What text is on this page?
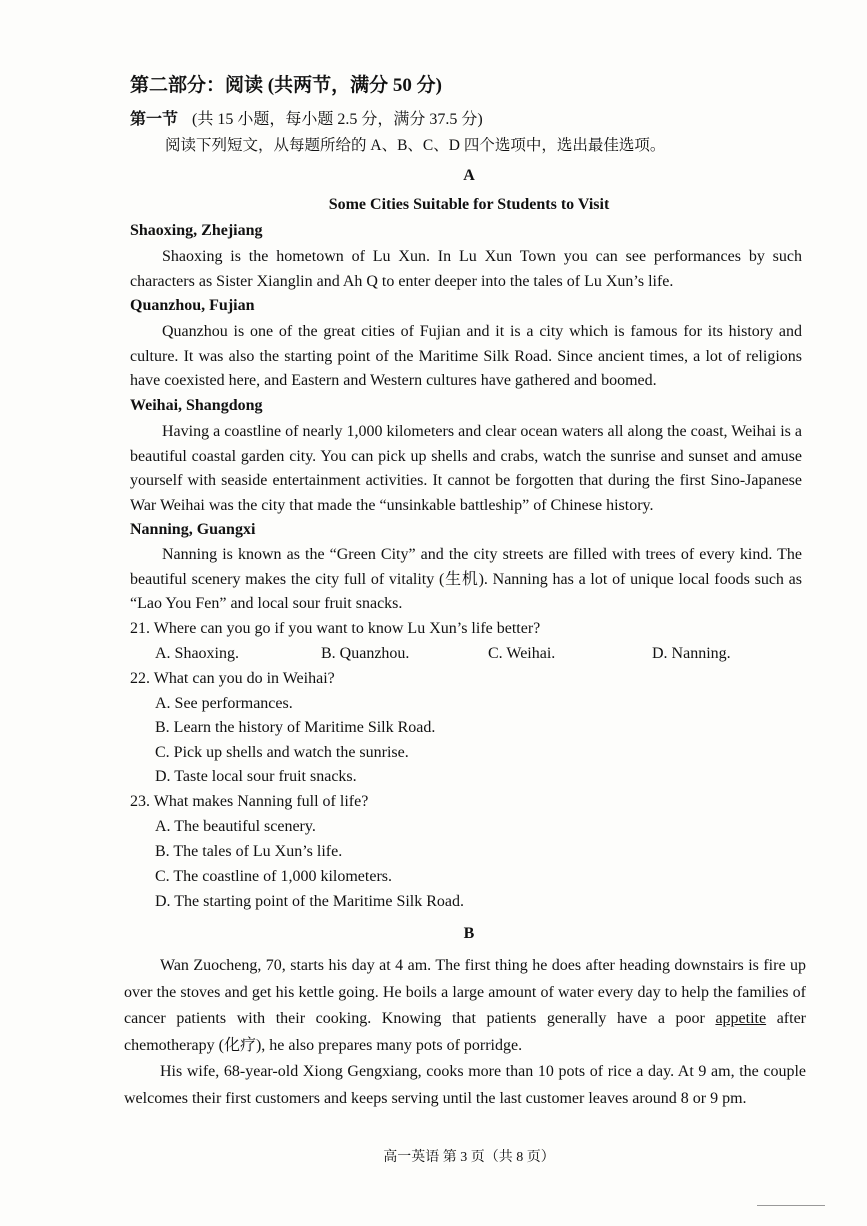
第二部分：阅读 (共两节，满分 50 分)
第一节 (共 15 小题，每小题 2.5 分，满分 37.5 分)
阅读下列短文，从每题所给的 A、B、C、D 四个选项中，选出最佳选项。
A
Some Cities Suitable for Students to Visit
Shaoxing, Zhejiang
Shaoxing is the hometown of Lu Xun. In Lu Xun Town you can see performances by such characters as Sister Xianglin and Ah Q to enter deeper into the tales of Lu Xun’s life.
Quanzhou, Fujian
Quanzhou is one of the great cities of Fujian and it is a city which is famous for its history and culture. It was also the starting point of the Maritime Silk Road. Since ancient times, a lot of religions have coexisted here, and Eastern and Western cultures have gathered and boomed.
Weihai, Shangdong
Having a coastline of nearly 1,000 kilometers and clear ocean waters all along the coast, Weihai is a beautiful coastal garden city. You can pick up shells and crabs, watch the sunrise and sunset and amuse yourself with seaside entertainment activities. It cannot be forgotten that during the first Sino-Japanese War Weihai was the city that made the “unsinkable battleship” of Chinese history.
Nanning, Guangxi
Nanning is known as the “Green City” and the city streets are filled with trees of every kind. The beautiful scenery makes the city full of vitality (生机). Nanning has a lot of unique local foods such as “Lao You Fen” and local sour fruit snacks.
21. Where can you go if you want to know Lu Xun’s life better?
A. Shaoxing.	B. Quanzhou.	C. Weihai.	D. Nanning.
22. What can you do in Weihai?
A. See performances.
B. Learn the history of Maritime Silk Road.
C. Pick up shells and watch the sunrise.
D. Taste local sour fruit snacks.
23. What makes Nanning full of life?
A. The beautiful scenery.
B. The tales of Lu Xun’s life.
C. The coastline of 1,000 kilometers.
D. The starting point of the Maritime Silk Road.
B
Wan Zuocheng, 70, starts his day at 4 am. The first thing he does after heading downstairs is fire up over the stoves and get his kettle going. He boils a large amount of water every day to help the families of cancer patients with their cooking. Knowing that patients generally have a poor appetite after chemotherapy (化疗), he also prepares many pots of porridge.
His wife, 68-year-old Xiong Gengxiang, cooks more than 10 pots of rice a day. At 9 am, the couple welcomes their first customers and keeps serving until the last customer leaves around 8 or 9 pm.
高一英语 第 3 页（共 8 页）
